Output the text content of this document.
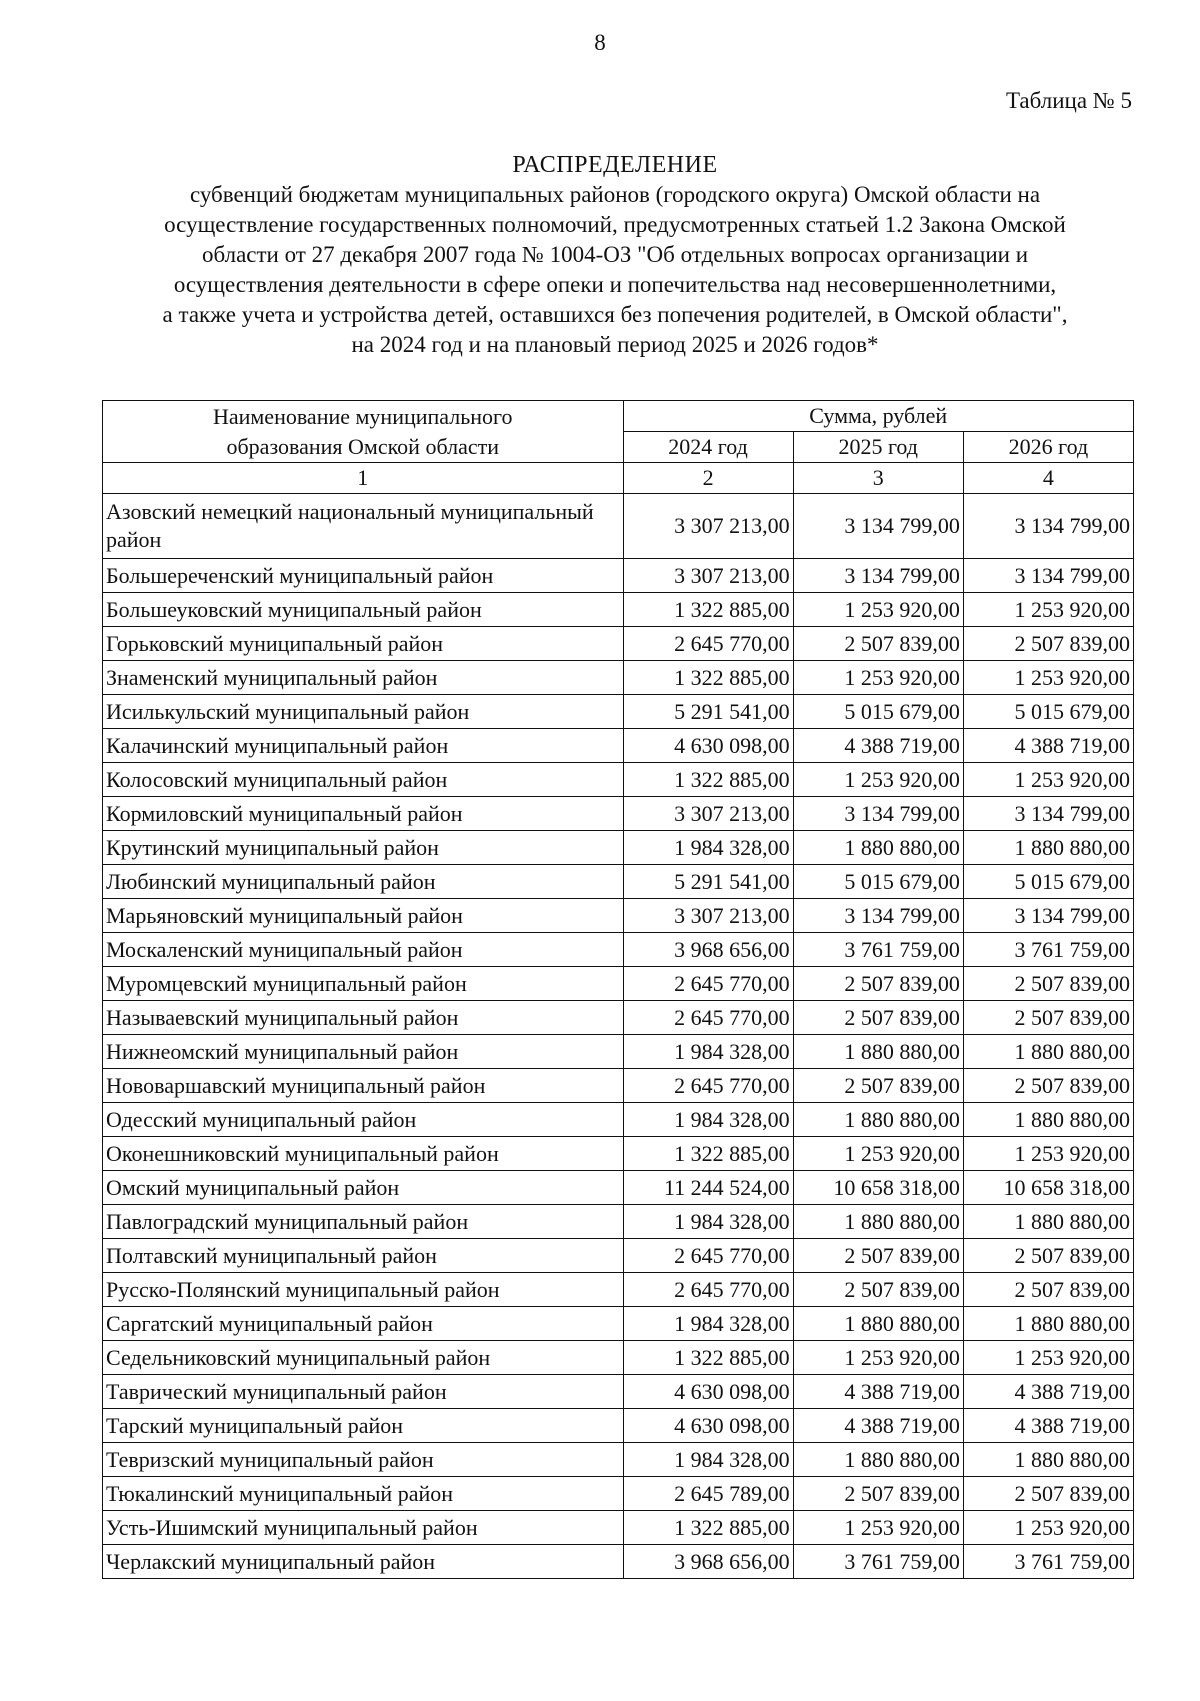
8
Таблица № 5
РАСПРЕДЕЛЕНИЕ
субвенций бюджетам муниципальных районов (городского округа) Омской области на
осуществление государственных полномочий, предусмотренных статьей 1.2 Закона Омской
области от 27 декабря 2007 года № 1004-ОЗ "Об отдельных вопросах организации и
осуществления деятельности в сфере опеки и попечительства над несовершеннолетними,
а также учета и устройства детей, оставшихся без попечения родителей, в Омской области",
на 2024 год и на плановый период 2025 и 2026 годов*
Наименование муниципального
образования Омской области	Сумма, рублей		
	2024 год	2025 год	2026 год
1	2	3	4
Азовский немецкий национальный муниципальный район	3 307 213,00	3 134 799,00	3 134 799,00
Большереченский муниципальный район	3 307 213,00	3 134 799,00	3 134 799,00
Большеуковский муниципальный район	1 322 885,00	1 253 920,00	1 253 920,00
Горьковский муниципальный район	2 645 770,00	2 507 839,00	2 507 839,00
Знаменский муниципальный район	1 322 885,00	1 253 920,00	1 253 920,00
Исилькульский муниципальный район	5 291 541,00	5 015 679,00	5 015 679,00
Калачинский муниципальный район	4 630 098,00	4 388 719,00	4 388 719,00
Колосовский муниципальный район	1 322 885,00	1 253 920,00	1 253 920,00
Кормиловский муниципальный район	3 307 213,00	3 134 799,00	3 134 799,00
Крутинский муниципальный район	1 984 328,00	1 880 880,00	1 880 880,00
Любинский муниципальный район	5 291 541,00	5 015 679,00	5 015 679,00
Марьяновский муниципальный район	3 307 213,00	3 134 799,00	3 134 799,00
Москаленский муниципальный район	3 968 656,00	3 761 759,00	3 761 759,00
Муромцевский муниципальный район	2 645 770,00	2 507 839,00	2 507 839,00
Называевский муниципальный район	2 645 770,00	2 507 839,00	2 507 839,00
Нижнеомский муниципальный район	1 984 328,00	1 880 880,00	1 880 880,00
Нововаршавский муниципальный район	2 645 770,00	2 507 839,00	2 507 839,00
Одесский муниципальный район	1 984 328,00	1 880 880,00	1 880 880,00
Оконешниковский муниципальный район	1 322 885,00	1 253 920,00	1 253 920,00
Омский муниципальный район	11 244 524,00	10 658 318,00	10 658 318,00
Павлоградский муниципальный район	1 984 328,00	1 880 880,00	1 880 880,00
Полтавский муниципальный район	2 645 770,00	2 507 839,00	2 507 839,00
Русско-Полянский муниципальный район	2 645 770,00	2 507 839,00	2 507 839,00
Саргатский муниципальный район	1 984 328,00	1 880 880,00	1 880 880,00
Седельниковский муниципальный район	1 322 885,00	1 253 920,00	1 253 920,00
Таврический муниципальный район	4 630 098,00	4 388 719,00	4 388 719,00
Тарский муниципальный район	4 630 098,00	4 388 719,00	4 388 719,00
Тевризский муниципальный район	1 984 328,00	1 880 880,00	1 880 880,00
Тюкалинский муниципальный район	2 645 789,00	2 507 839,00	2 507 839,00
Усть-Ишимский муниципальный район	1 322 885,00	1 253 920,00	1 253 920,00
Черлакский муниципальный район	3 968 656,00	3 761 759,00	3 761 759,00
